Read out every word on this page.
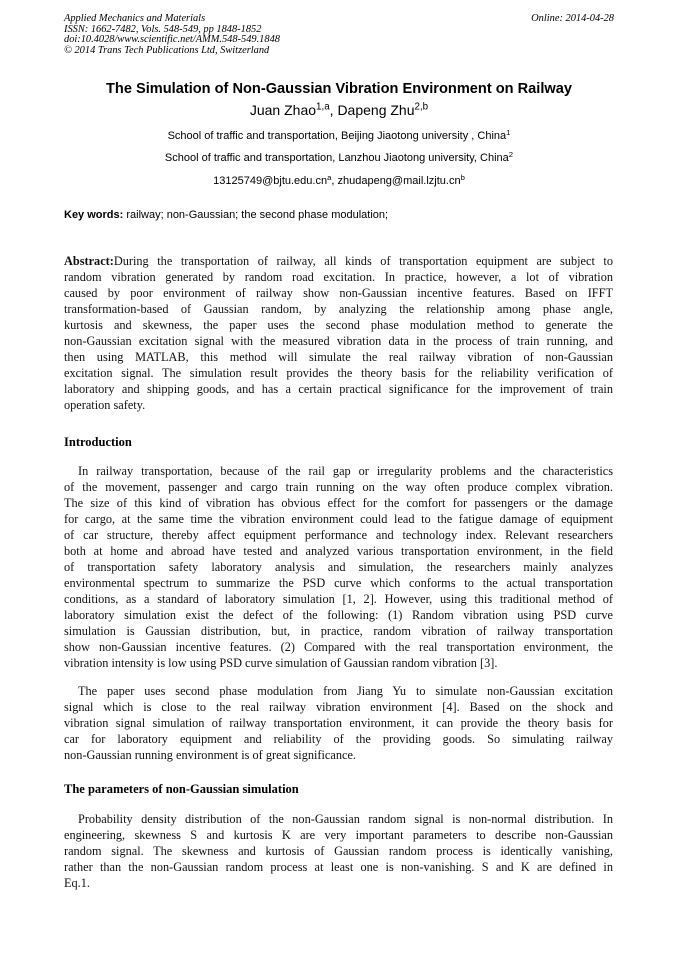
Applied Mechanics and Materials
ISSN: 1662-7482, Vols. 548-549, pp 1848-1852
doi:10.4028/www.scientific.net/AMM.548-549.1848
© 2014 Trans Tech Publications Ltd, Switzerland
Online: 2014-04-28
The Simulation of Non-Gaussian Vibration Environment on Railway
Juan Zhao$^{1,a}$, Dapeng Zhu$^{2,b}$
School of traffic and transportation, Beijing Jiaotong university , China$^1$
School of traffic and transportation, Lanzhou Jiaotong university, China$^2$
$13125749@bjtu.edu.cn^a$, $zhudapeng@mail.lzjtu.cn^b$
Key words: railway; non-Gaussian; the second phase modulation;
Abstract:During the transportation of railway, all kinds of transportation equipment are subject to
random vibration generated by random road excitation. In practice, however, a lot of vibration
caused by poor environment of railway show non-Gaussian incentive features. Based on IFFT
transformation-based of Gaussian random, by analyzing the relationship among phase angle,
kurtosis and skewness, the paper uses the second phase modulation method to generate the
non-Gaussian excitation signal with the measured vibration data in the process of train running, and
then using MATLAB, this method will simulate the real railway vibration of non-Gaussian
excitation signal. The simulation result provides the theory basis for the reliability verification of
laboratory and shipping goods, and has a certain practical significance for the improvement of train
operation safety.
Introduction
In railway transportation, because of the rail gap or irregularity problems and the characteristics
of the movement, passenger and cargo train running on the way often produce complex vibration.
The size of this kind of vibration has obvious effect for the comfort for passengers or the damage
for cargo, at the same time the vibration environment could lead to the fatigue damage of equipment
of car structure, thereby affect equipment performance and technology index. Relevant researchers
both at home and abroad have tested and analyzed various transportation environment, in the field
of transportation safety laboratory analysis and simulation, the researchers mainly analyzes
environmental spectrum to summarize the PSD curve which conforms to the actual transportation
conditions, as a standard of laboratory simulation [1, 2]. However, using this traditional method of
laboratory simulation exist the defect of the following: (1) Random vibration using PSD curve
simulation is Gaussian distribution, but, in practice, random vibration of railway transportation
show non-Gaussian incentive features. (2) Compared with the real transportation environment, the
vibration intensity is low using PSD curve simulation of Gaussian random vibration [3].
The paper uses second phase modulation from Jiang Yu to simulate non-Gaussian excitation
signal which is close to the real railway vibration environment [4]. Based on the shock and
vibration signal simulation of railway transportation environment, it can provide the theory basis for
car for laboratory equipment and reliability of the providing goods. So simulating railway
non-Gaussian running environment is of great significance.
The parameters of non-Gaussian simulation
Probability density distribution of the non-Gaussian random signal is non-normal distribution. In
engineering, skewness S and kurtosis K are very important parameters to describe non-Gaussian
random signal. The skewness and kurtosis of Gaussian random process is identically vanishing,
rather than the non-Gaussian random process at least one is non-vanishing. S and K are defined in
Eq.1.
